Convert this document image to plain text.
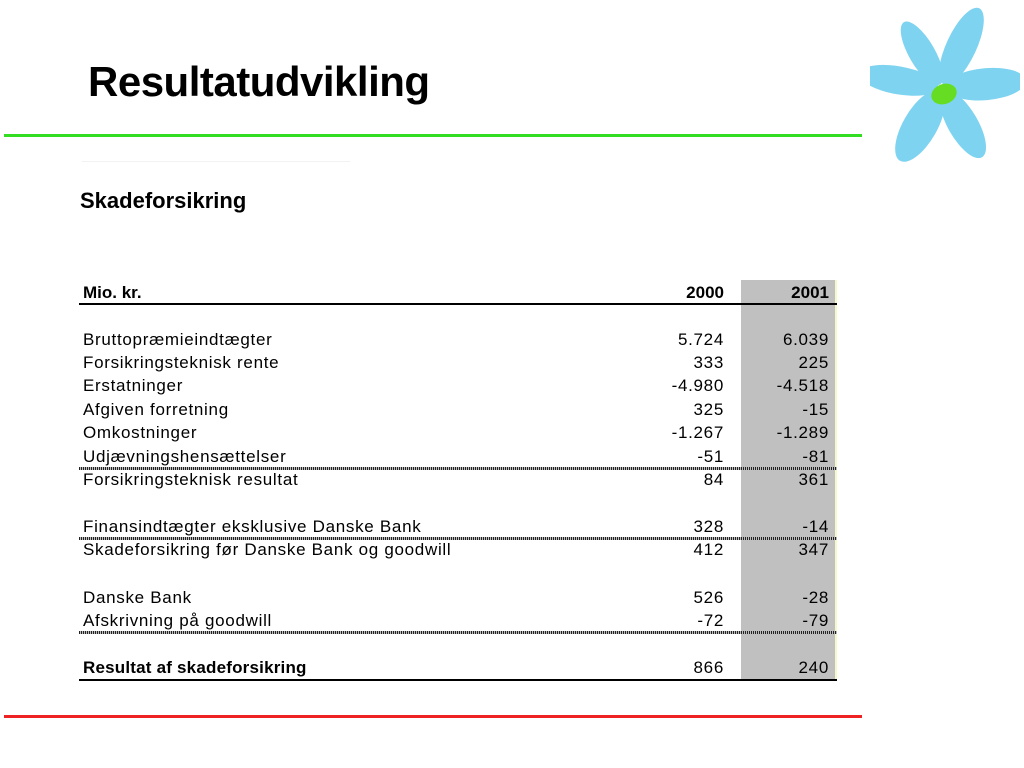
Resultatudvikling
Skadeforsikring
Mio. kr.	2000	2001
Bruttopræmieindtægter	5.724	6.039
Forsikringsteknisk rente	333	225
Erstatninger	-4.980	-4.518
Afgiven forretning	325	-15
Omkostninger	-1.267	-1.289
Udjævningshensættelser	-51	-81
Forsikringsteknisk resultat	84	361
Finansindtægter eksklusive Danske Bank	328	-14
Skadeforsikring før Danske Bank og goodwill	412	347
Danske Bank	526	-28
Afskrivning på goodwill	-72	-79
Resultat af skadeforsikring	866	240
